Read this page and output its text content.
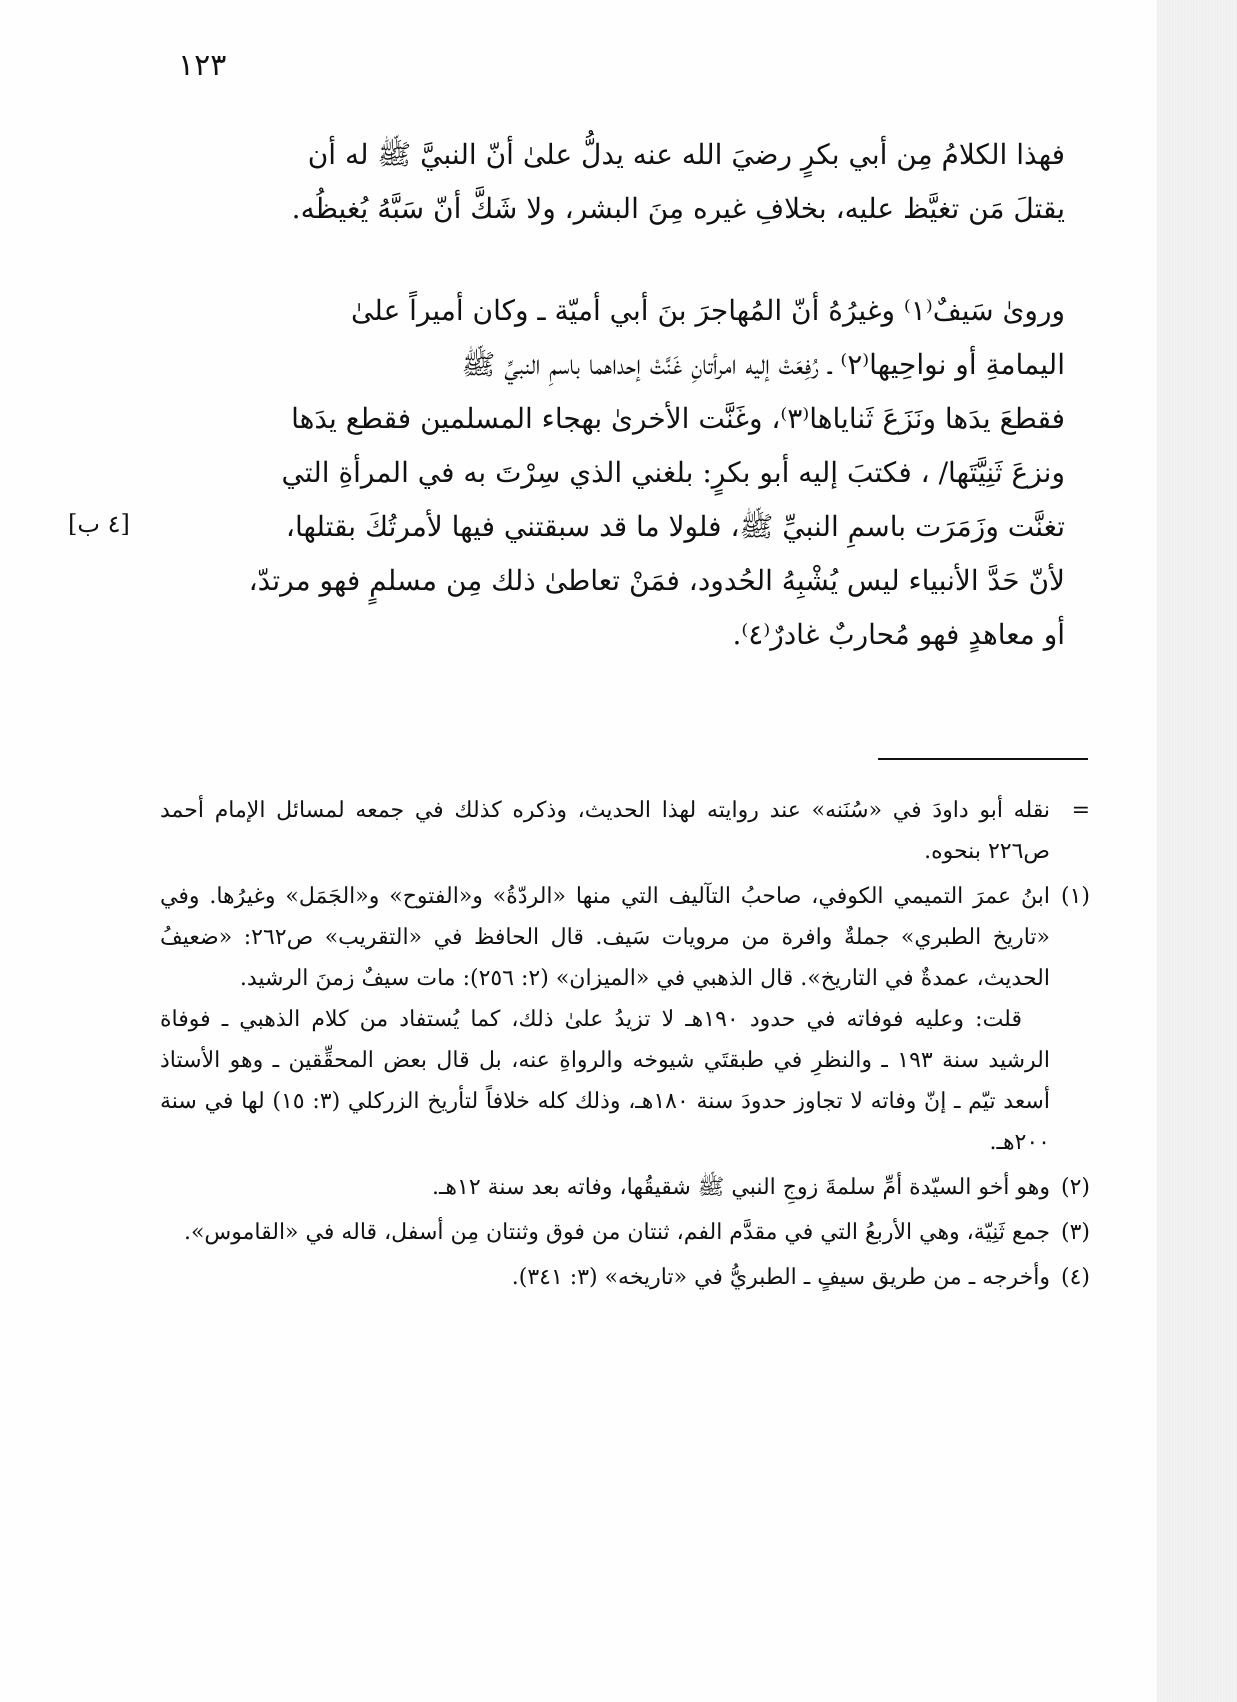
١٢٣

فهذا الكلامُ مِن أبي بكرٍ رضيَ الله عنه يدلُّ علىٰ أنّ النبيَّ ﷺ له أن
يقتلَ مَن تغيَّظ عليه، بخلافِ غيره مِنَ البشر، ولا شَكَّ أنّ سَبَّهُ يُغيظُه.

وروىٰ سَيفٌ⁽١⁾ وغيرُهُ أنّ المُهاجرَ بنَ أبي أميّة ـ وكان أميراً علىٰ
اليمامةِ أو نواحِيها⁽٢⁾ ـ رُفِعَتْ إليه امرأتانِ غَنَّتْ إحداهما باسمِ النبيِّ ﷺ
فقطعَ يدَها ونَزَعَ ثَناياها⁽٣⁾، وغَنَّت الأخرىٰ بهجاء المسلمين فقطع يدَها
ونزعَ ثَنِيَّتَها/ ، فكتبَ إليه أبو بكرٍ: بلغني الذي سِرْتَ به في المرأةِ التي
تغنَّت وزَمَرَت باسمِ النبيِّ ﷺ، فلولا ما قد سبقتني فيها لأمرتُكَ بقتلها،
لأنّ حَدَّ الأنبياء ليس يُشْبِهُ الحُدود، فمَنْ تعاطىٰ ذلك مِن مسلمٍ فهو مرتدّ،
أو معاهدٍ فهو مُحاربٌ غادرٌ⁽٤⁾.

[٤ ب]
=
نقله أبو داودَ في «سُنَنه» عند روايته لهذا الحديث، وذكره كذلك في جمعه لمسائل الإمام أحمد ص٢٢٦ بنحوه.
(١)
ابنُ عمرَ التميمي الكوفي، صاحبُ التآليف التي منها «الردّةُ» و«الفتوح» و«الجَمَل» وغيرُها. وفي «تاريخ الطبري» جملةٌ وافرة من مرويات سَيف. قال الحافظ في «التقريب» ص٢٦٢: «ضعيفُ الحديث، عمدةٌ في التاريخ». قال الذهبي في «الميزان» (٢: ٢٥٦): مات سيفٌ زمنَ الرشيد.
قلت: وعليه فوفاته في حدود ١٩٠هـ لا تزيدُ علىٰ ذلك، كما يُستفاد من كلام الذهبي ـ فوفاة الرشيد سنة ١٩٣ ـ والنظرِ في طبقتَي شيوخه والرواةِ عنه، بل قال بعض المحقِّقين ـ وهو الأستاذ أسعد تيّم ـ إنّ وفاته لا تجاوز حدودَ سنة ١٨٠هـ، وذلك كله خلافاً لتأريخ الزركلي (٣: ١٥) لها في سنة ٢٠٠هـ.
(٢)
وهو أخو السيّدة أمِّ سلمةَ زوجِ النبي ﷺ شقيقُها، وفاته بعد سنة ١٢هـ.
(٣)
جمع ثَنِيّة، وهي الأربعُ التي في مقدَّم الفم، ثنتان من فوق وثنتان مِن أسفل، قاله في «القاموس».
(٤)
وأخرجه ـ من طريق سيفٍ ـ الطبريُّ في «تاريخه» (٣: ٣٤١).
